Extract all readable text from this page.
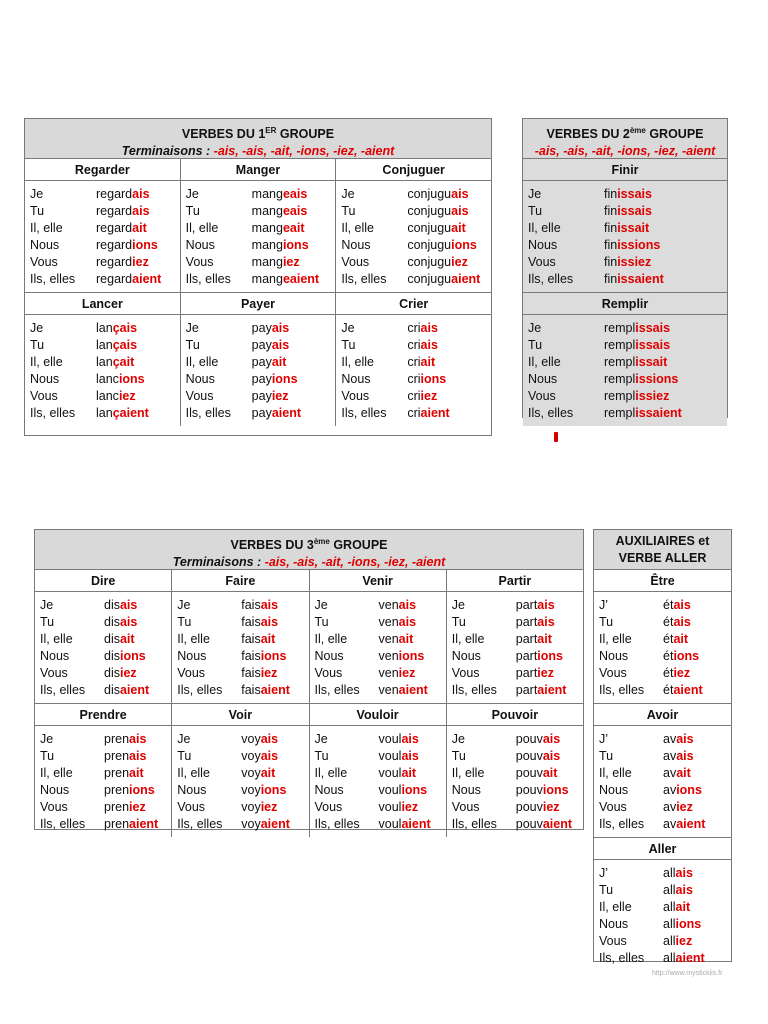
VERBES DU 1ER GROUPE
Terminaisons : -ais, -ais, -ait, -ions, -iez, -aient
Regarder
Je	regardais
Tu	regardais
Il, elle	regardait
Nous	regardions
Vous	regardiez
Ils, elles	regardaient
Manger
Je	mangeais
Tu	mangeais
Il, elle	mangeait
Nous	mangions
Vous	mangiez
Ils, elles	mangeaient
Conjuguer
Je	conjuguais
Tu	conjuguais
Il, elle	conjuguait
Nous	conjuguions
Vous	conjuguiez
Ils, elles	conjuguaient
Lancer
Je	lançais
Tu	lançais
Il, elle	lançait
Nous	lancions
Vous	lanciez
Ils, elles	lançaient
Payer
Je	payais
Tu	payais
Il, elle	payait
Nous	payions
Vous	payiez
Ils, elles	payaient
Crier
Je	criais
Tu	criais
Il, elle	criait
Nous	criions
Vous	criiez
Ils, elles	criaient
VERBES DU 2ème GROUPE
-ais, -ais, -ait, -ions, -iez, -aient
Finir
Je	finissais
Tu	finissais
Il, elle	finissait
Nous	finissions
Vous	finissiez
Ils, elles	finissaient
Remplir
Je	remplissais
Tu	remplissais
Il, elle	remplissait
Nous	remplissions
Vous	remplissiez
Ils, elles	remplissaient
VERBES DU 3ème GROUPE
Terminaisons : -ais, -ais, -ait, -ions, -iez, -aient
Dire
Je	disais
Tu	disais
Il, elle	disait
Nous	disions
Vous	disiez
Ils, elles	disaient
Faire
Je	faisais
Tu	faisais
Il, elle	faisait
Nous	faisions
Vous	faisiez
Ils, elles	faisaient
Venir
Je	venais
Tu	venais
Il, elle	venait
Nous	venions
Vous	veniez
Ils, elles	venaient
Partir
Je	partais
Tu	partais
Il, elle	partait
Nous	partions
Vous	partiez
Ils, elles	partaient
Prendre
Je	prenais
Tu	prenais
Il, elle	prenait
Nous	prenions
Vous	preniez
Ils, elles	prenaient
Voir
Je	voyais
Tu	voyais
Il, elle	voyait
Nous	voyions
Vous	voyiez
Ils, elles	voyaient
Vouloir
Je	voulais
Tu	voulais
Il, elle	voulait
Nous	voulions
Vous	vouliez
Ils, elles	voulaient
Pouvoir
Je	pouvais
Tu	pouvais
Il, elle	pouvait
Nous	pouvions
Vous	pouviez
Ils, elles	pouvaient
AUXILIAIRES et
VERBE ALLER
Être
J’	étais
Tu	étais
Il, elle	était
Nous	étions
Vous	étiez
Ils, elles	étaient
Avoir
J’	avais
Tu	avais
Il, elle	avait
Nous	avions
Vous	aviez
Ils, elles	avaient
Aller
J’	allais
Tu	allais
Il, elle	allait
Nous	allions
Vous	alliez
Ils, elles	allaient
http://www.mystickiis.fr
